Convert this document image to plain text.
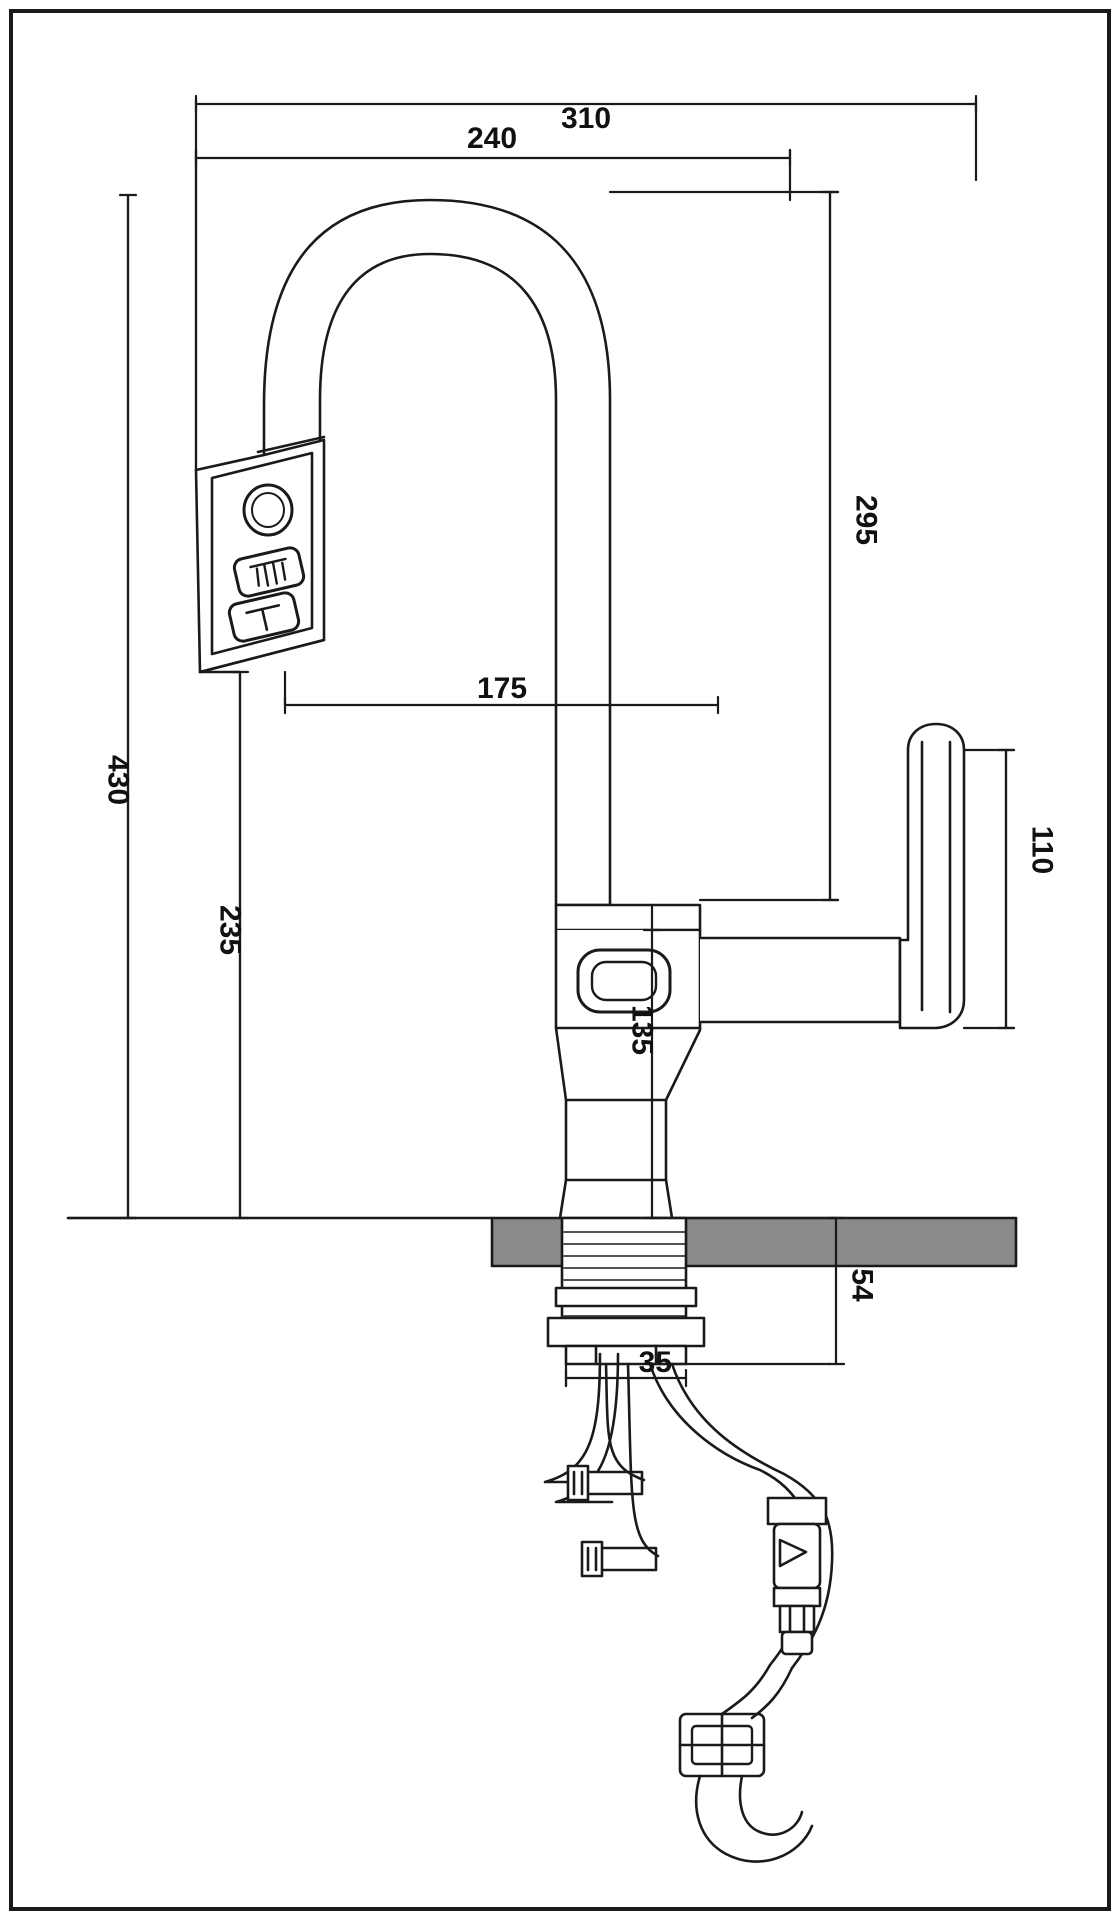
310
240
175
430
235
295
110
135
54
35
